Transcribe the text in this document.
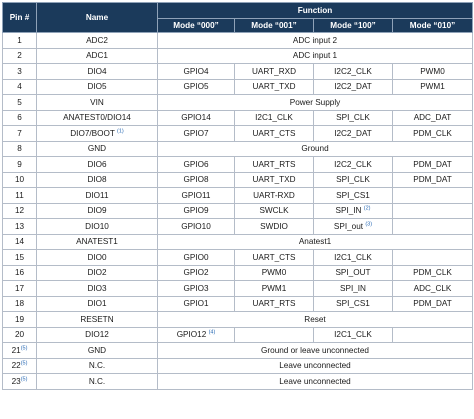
Pin #	Name	Function			
		Mode “000”	Mode “001”	Mode “100”	Mode “010”
1	ADC2	ADC input 2			
2	ADC1	ADC input 1			
3	DIO4	GPIO4	UART_RXD	I2C2_CLK	PWM0
4	DIO5	GPIO5	UART_TXD	I2C2_DAT	PWM1
5	VIN	Power Supply			
6	ANATEST0/DIO14	GPIO14	I2C1_CLK	SPI_CLK	ADC_DAT
7	DIO7/BOOT $^{(1)}$	GPIO7	UART_CTS	I2C2_DAT	PDM_CLK
8	GND	Ground			
9	DIO6	GPIO6	UART_RTS	I2C2_CLK	PDM_DAT
10	DIO8	GPIO8	UART_TXD	SPI_CLK	PDM_DAT
11	DIO11	GPIO11	UART-RXD	SPI_CS1	
12	DIO9	GPIO9	SWCLK	SPI_IN $^{(2)}$	
13	DIO10	GPIO10	SWDIO	SPI_out $^{(3)}$	
14	ANATEST1	Anatest1			
15	DIO0	GPIO0	UART_CTS	I2C1_CLK	
16	DIO2	GPIO2	PWM0	SPI_OUT	PDM_CLK
17	DIO3	GPIO3	PWM1	SPI_IN	ADC_CLK
18	DIO1	GPIO1	UART_RTS	SPI_CS1	PDM_DAT
19	RESETN	Reset			
20	DIO12	GPIO12 $^{(4)}$		I2C1_CLK	
21$^{(5)}$	GND	Ground or leave unconnected			
22$^{(5)}$	N.C.	Leave unconnected			
23$^{(5)}$	N.C.	Leave unconnected			
